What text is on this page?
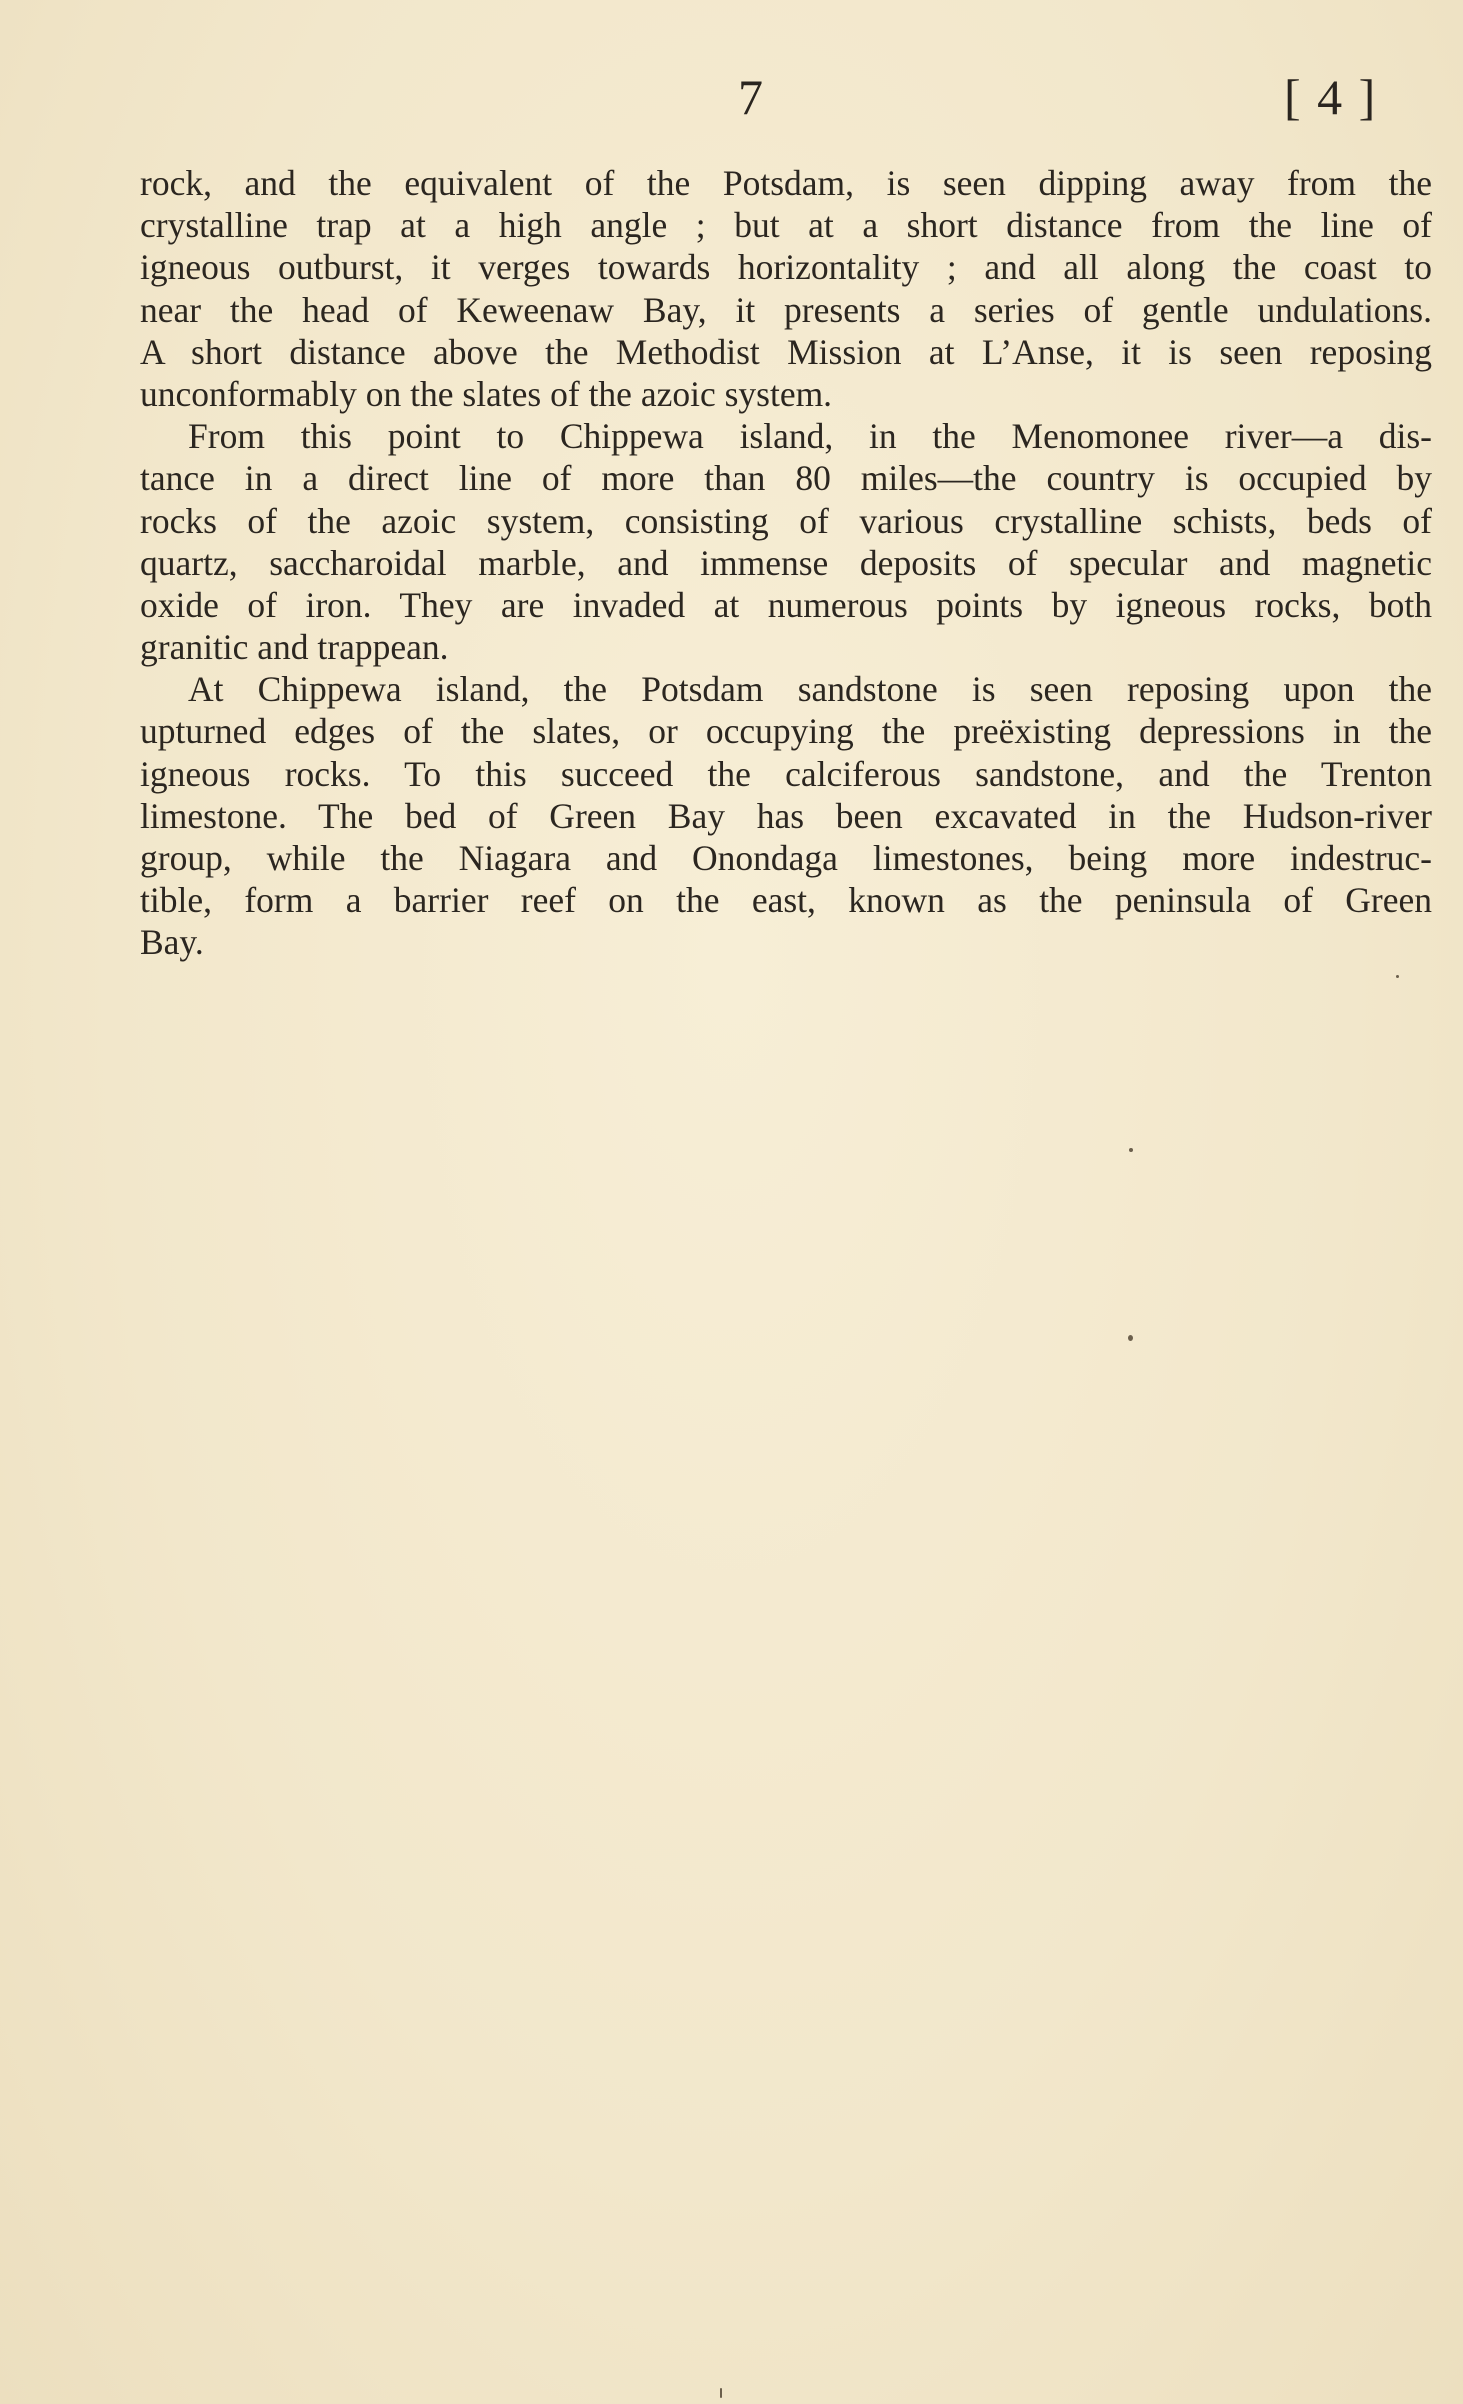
7	[ 4 ]
rock, and the equivalent of the Potsdam, is seen dipping away from the
crystalline trap at a high angle ; but at a short distance from the line of
igneous outburst, it verges towards horizontality ; and all along the coast to
near the head of Keweenaw Bay, it presents a series of gentle undulations.
A short distance above the Methodist Mission at L’Anse, it is seen reposing
unconformably on the slates of the azoic system.
From this point to Chippewa island, in the Menomonee river—a dis-
tance in a direct line of more than 80 miles—the country is occupied by
rocks of the azoic system, consisting of various crystalline schists, beds of
quartz, saccharoidal marble, and immense deposits of specular and magnetic
oxide of iron. They are invaded at numerous points by igneous rocks, both
granitic and trappean.
At Chippewa island, the Potsdam sandstone is seen reposing upon the
upturned edges of the slates, or occupying the preëxisting depressions in the
igneous rocks. To this succeed the calciferous sandstone, and the Trenton
limestone. The bed of Green Bay has been excavated in the Hudson-river
group, while the Niagara and Onondaga limestones, being more indestruc-
tible, form a barrier reef on the east, known as the peninsula of Green
Bay.
